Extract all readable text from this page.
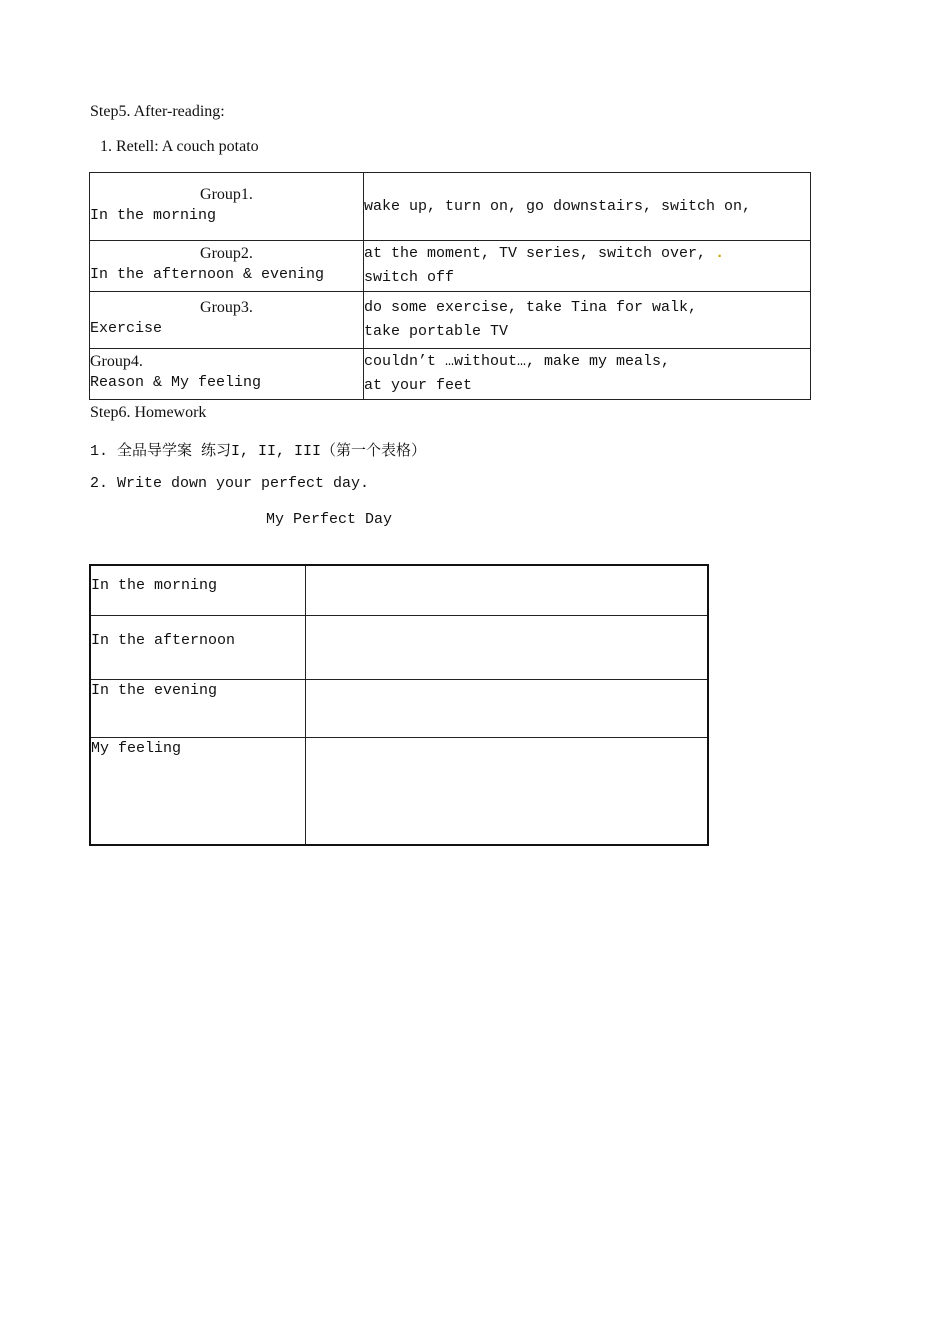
Step5. After-reading:
1. Retell: A couch potato
Group1.
In the morning	wake up, turn on, go downstairs, switch on,

Group2.
In the afternoon & evening	at the moment, TV series, switch over, .
switch off

Group3.
Exercise	do some exercise, take Tina for walk,
take portable TV

Group4.
Reason & My feeling	couldn’t …without…, make my meals,
at your feet
Step6. Homework
1. 全品导学案 练习I, II, III（第一个表格）
2. Write down your perfect day.
My Perfect Day
In the morning	

In the afternoon	

In the evening	

My feeling	
